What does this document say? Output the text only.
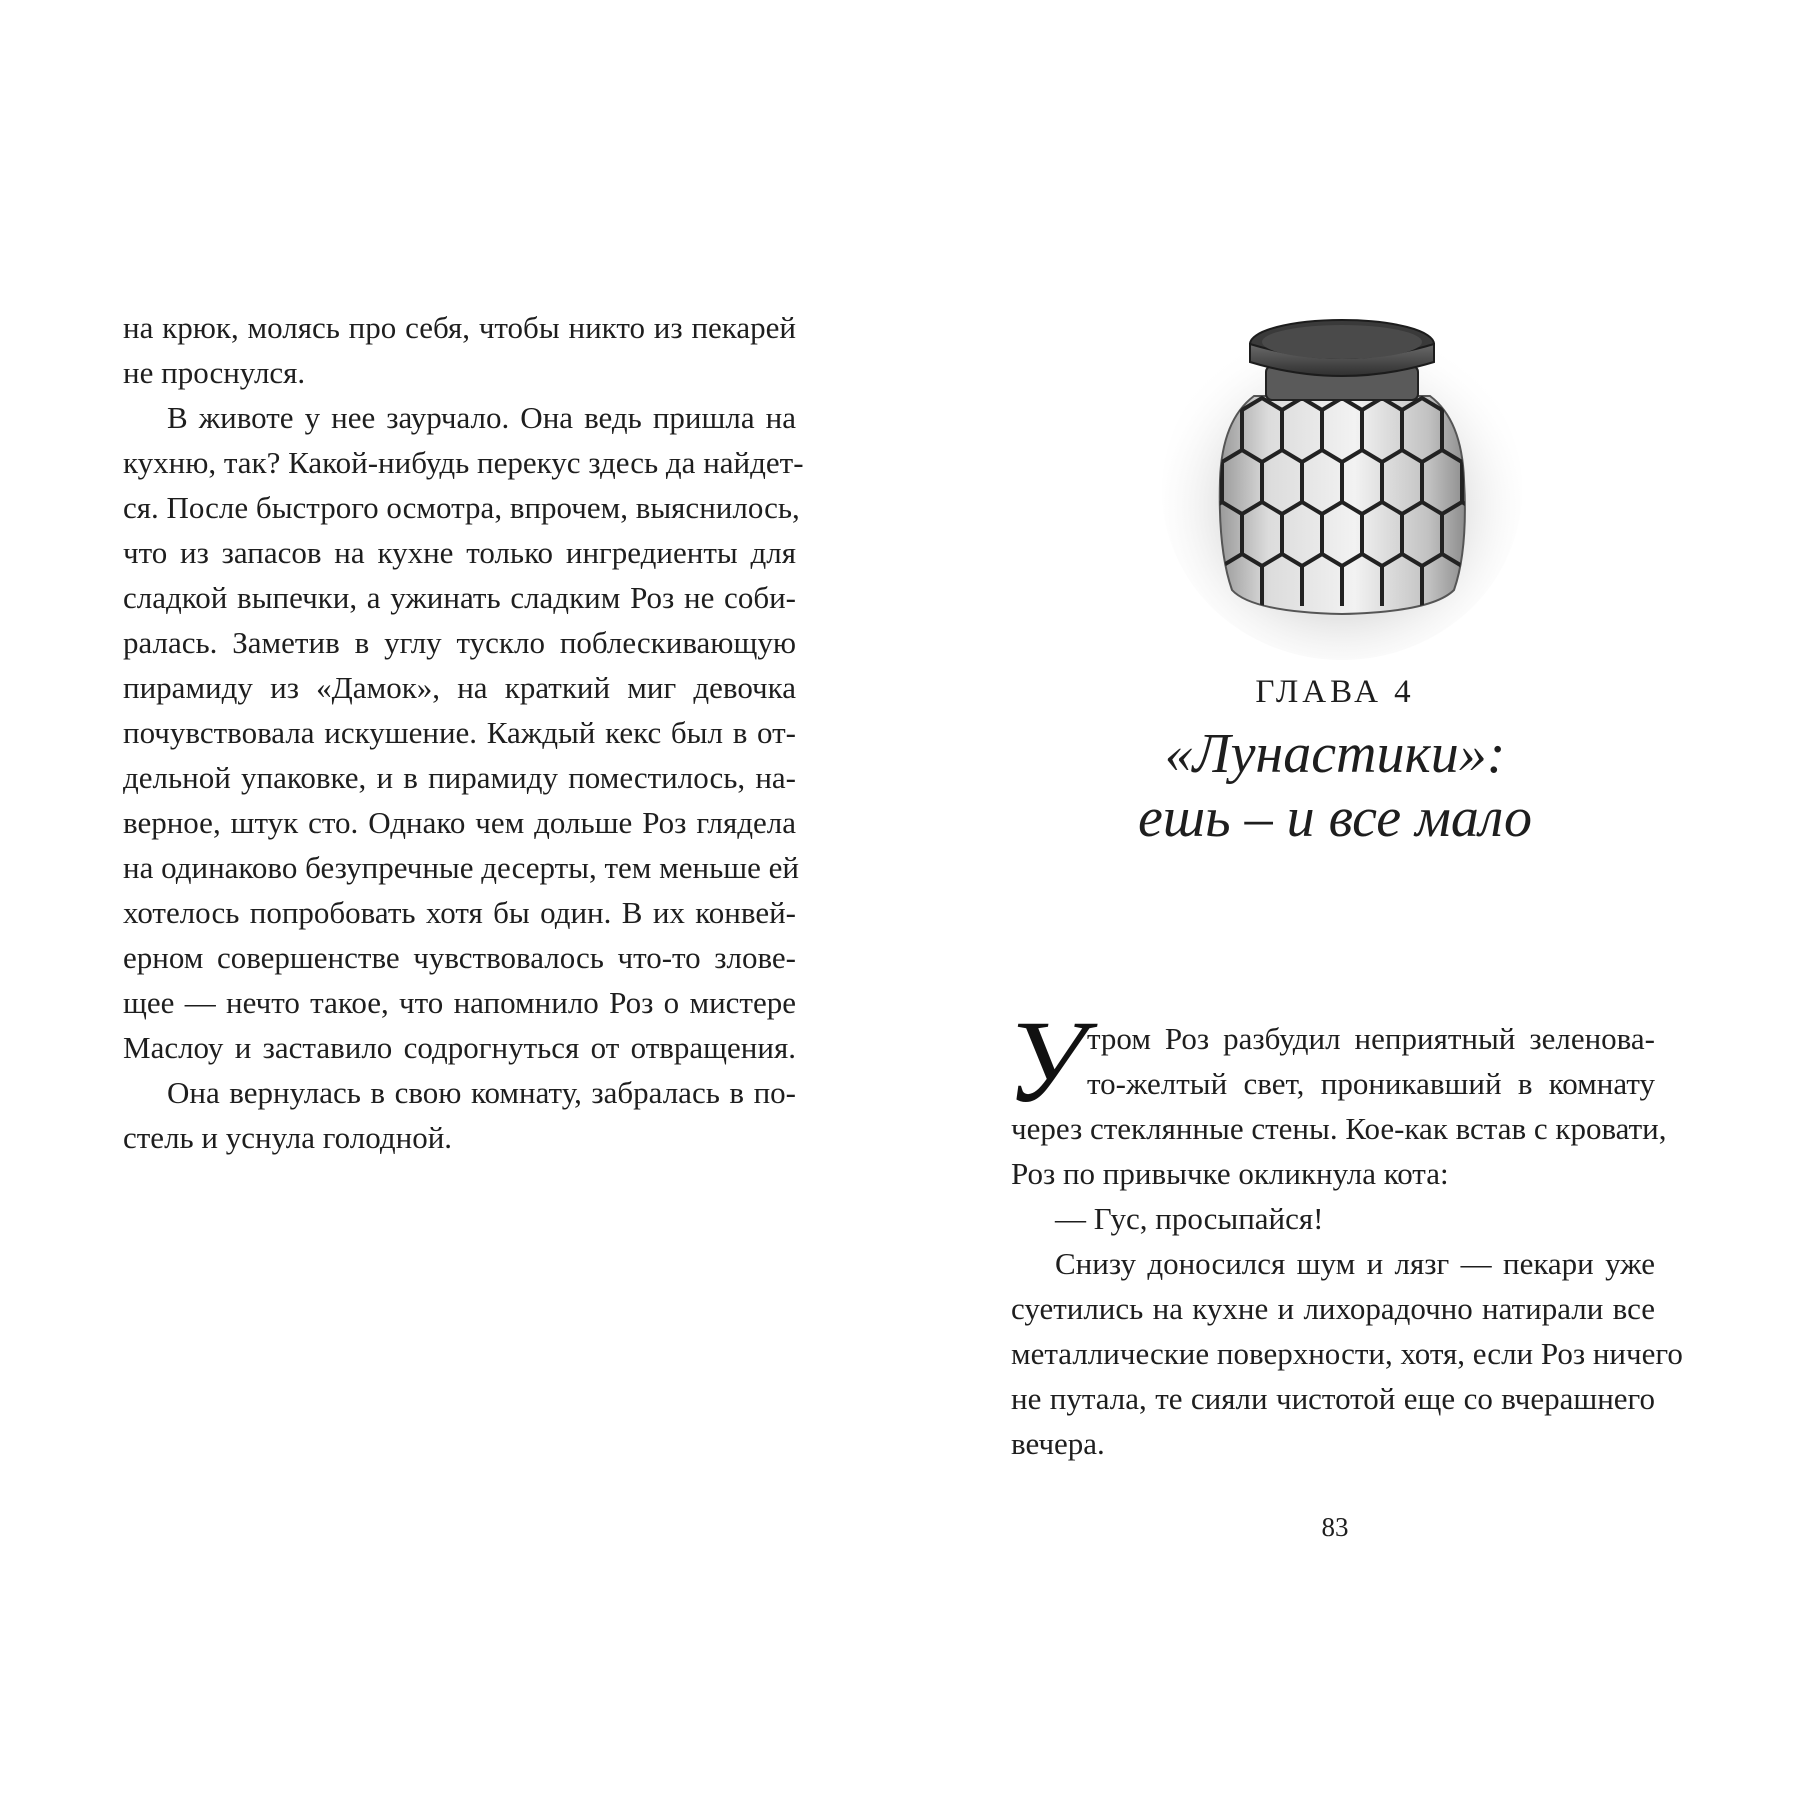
на крюк, молясь про себя, чтобы никто из пекарей
не проснулся.
В животе у нее заурчало. Она ведь пришла на
кухню, так? Какой-нибудь перекус здесь да найдет-
ся. После быстрого осмотра, впрочем, выяснилось,
что из запасов на кухне только ингредиенты для
сладкой выпечки, а ужинать сладким Роз не соби-
ралась. Заметив в углу тускло поблескивающую
пирамиду из «Дамок», на краткий миг девочка
почувствовала искушение. Каждый кекс был в от-
дельной упаковке, и в пирамиду поместилось, на-
верное, штук сто. Однако чем дольше Роз глядела
на одинаково безупречные десерты, тем меньше ей
хотелось попробовать хотя бы один. В их конвей-
ерном совершенстве чувствовалось что-то злове-
щее — нечто такое, что напомнило Роз о мистере
Маслоу и заставило содрогнуться от отвращения.
Она вернулась в свою комнату, забралась в по-
стель и уснула голодной.
ГЛАВА 4
«Лунастики»:
ешь – и все мало
У тром Роз разбудил неприятный зеленова-
то-желтый свет, проникавший в комнату
через стеклянные стены. Кое-как встав с кровати,
Роз по привычке окликнула кота:
— Гус, просыпайся!
Снизу доносился шум и лязг — пекари уже
суетились на кухне и лихорадочно натирали все
металлические поверхности, хотя, если Роз ничего
не путала, те сияли чистотой еще со вчерашнего
вечера.
83
